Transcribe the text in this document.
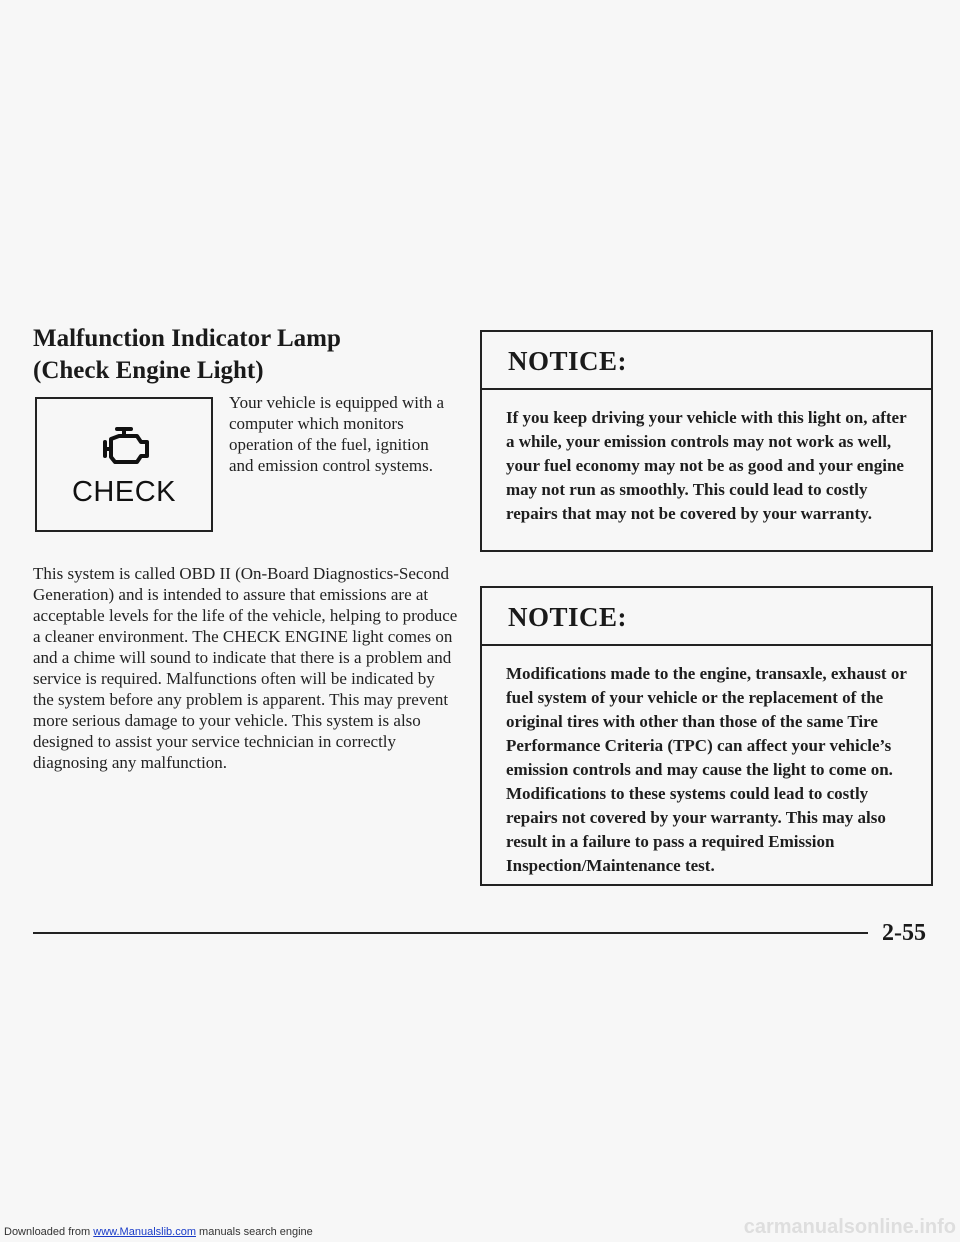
Malfunction Indicator Lamp
(Check Engine Light)
CHECK
Your vehicle is equipped with a computer which monitors operation of the fuel, ignition and emission control systems.
This system is called OBD II (On-Board Diagnostics-Second Generation) and is intended to assure that emissions are at acceptable levels for the life of the vehicle, helping to produce a cleaner environment. The CHECK ENGINE light comes on and a chime will sound to indicate that there is a problem and service is required. Malfunctions often will be indicated by the system before any problem is apparent. This may prevent more serious damage to your vehicle. This system is also designed to assist your service technician in correctly diagnosing any malfunction.
NOTICE:
If you keep driving your vehicle with this light on, after a while, your emission controls may not work as well, your fuel economy may not be as good and your engine may not run as smoothly. This could lead to costly repairs that may not be covered by your warranty.
NOTICE:
Modifications made to the engine, transaxle, exhaust or fuel system of your vehicle or the replacement of the original tires with other than those of the same Tire Performance Criteria (TPC) can affect your vehicle’s emission controls and may cause the light to come on. Modifications to these systems could lead to costly repairs not covered by your warranty. This may also result in a failure to pass a required Emission Inspection/Maintenance test.
2-55
Downloaded from www.Manualslib.com manuals search engine	carmanualsonline.info
